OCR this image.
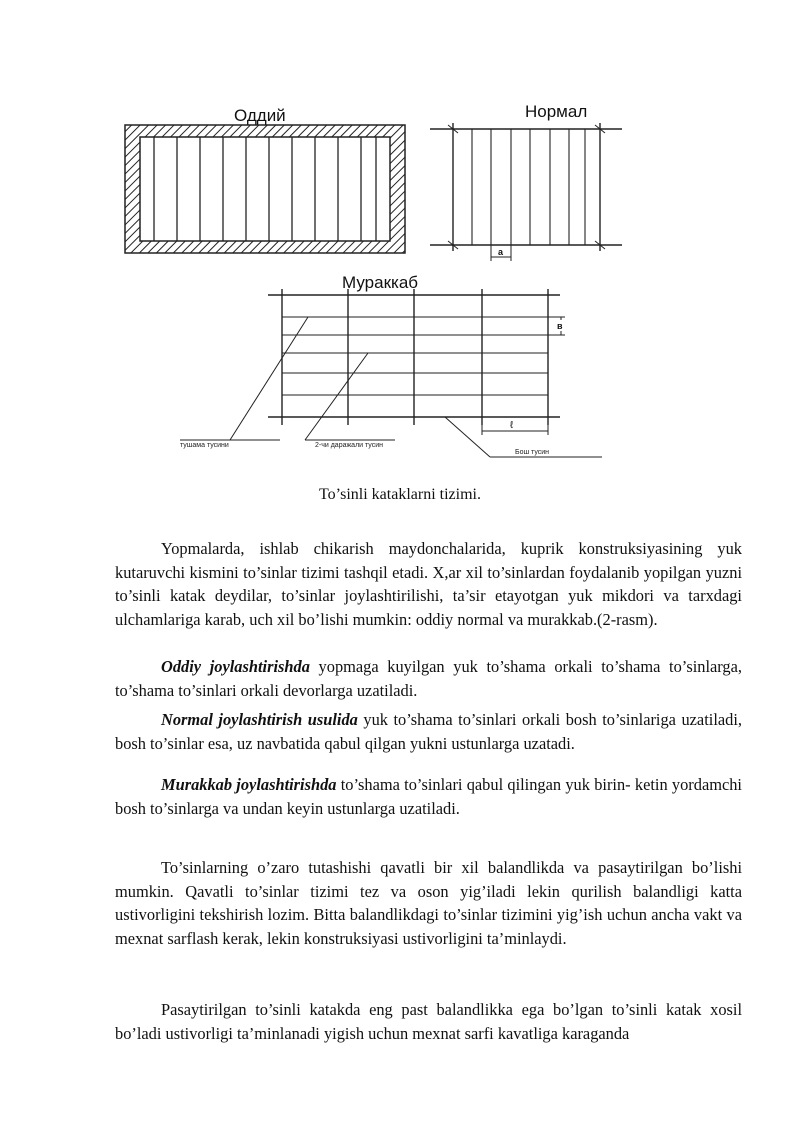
Оддий	Нормал
a
Мураккаб
в
ℓ
тушама тусини	2-чи даражали тусин
Бош тусин
To’sinli kataklarni tizimi.

Yopmalarda, ishlab chikarish maydonchalarida, kuprik konstruksiyasining yuk kutaruvchi kismini to’sinlar tizimi tashqil etadi. X,ar xil to’sinlardan foydalanib yopilgan yuzni to’sinli katak deydilar, to’sinlar joylashtirilishi, ta’sir etayotgan yuk mikdori va tarxdagi ulchamlariga karab, uch xil bo’lishi mumkin: oddiy normal va murakkab.(2-rasm).

Oddiy joylashtirishda yopmaga kuyilgan yuk to’shama orkali to’shama to’sinlarga, to’shama to’sinlari orkali devorlarga uzatiladi.

Normal joylashtirish usulida yuk to’shama to’sinlari orkali bosh to’sinlariga uzatiladi, bosh to’sinlar esa, uz navbatida qabul qilgan yukni ustunlarga uzatadi.

Murakkab joylashtirishda to’shama to’sinlari qabul qilingan yuk birin- ketin yordamchi bosh to’sinlarga va undan keyin ustunlarga uzatiladi.

To’sinlarning o’zaro tutashishi qavatli bir xil balandlikda va pasaytirilgan bo’lishi mumkin. Qavatli to’sinlar tizimi tez va oson yig’iladi lekin qurilish balandligi katta ustivorligini tekshirish lozim. Bitta balandlikdagi to’sinlar tizimini yig’ish uchun ancha vakt va mexnat sarflash kerak, lekin konstruksiyasi ustivorligini ta’minlaydi.

Pasaytirilgan to’sinli katakda eng past balandlikka ega bo’lgan to’sinli katak xosil bo’ladi ustivorligi ta’minlanadi yigish uchun mexnat sarfi kavatliga karaganda
